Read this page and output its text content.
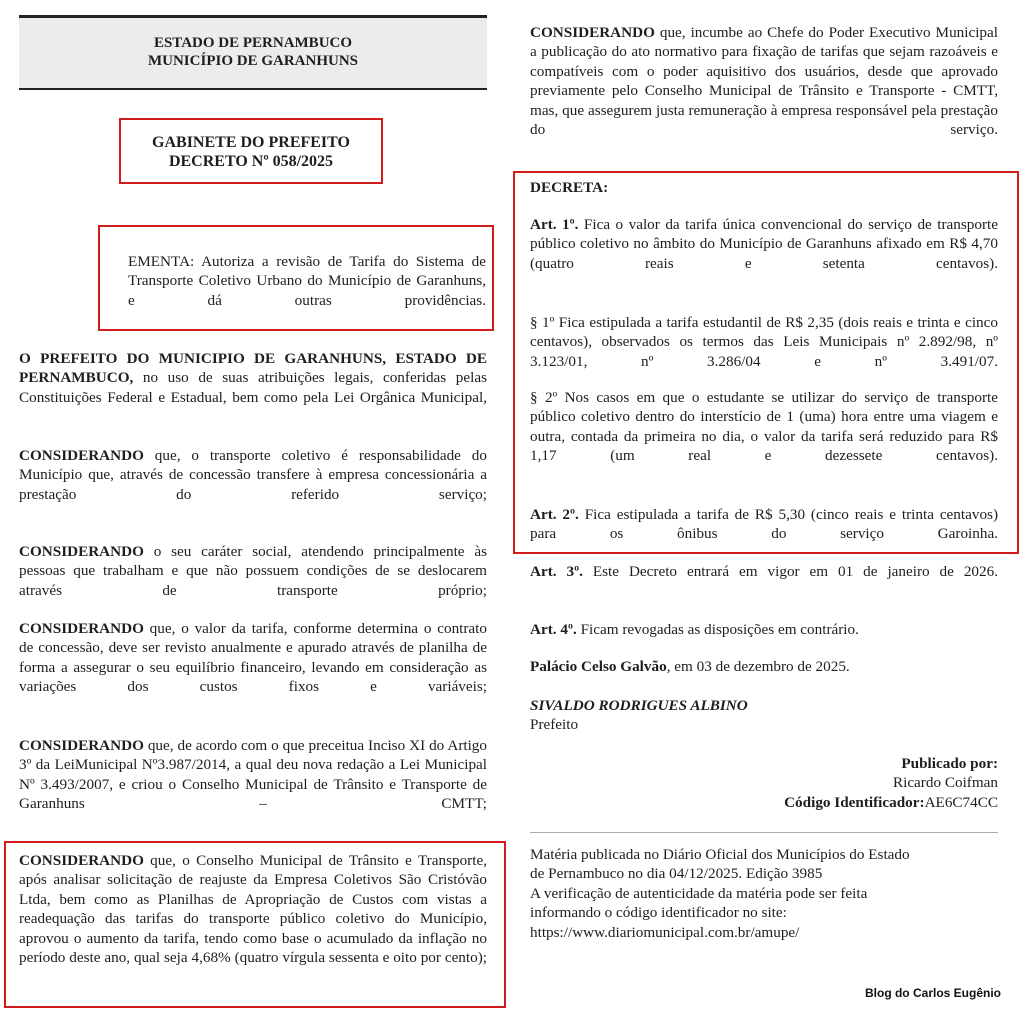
ESTADO DE PERNAMBUCO
MUNICÍPIO DE GARANHUNS
GABINETE DO PREFEITO
DECRETO Nº 058/2025
EMENTA: Autoriza a revisão de Tarifa do Sistema de Transporte Coletivo Urbano do Município de Garanhuns, e dá outras providências.
O PREFEITO DO MUNICIPIO DE GARANHUNS, ESTADO DE PERNAMBUCO, no uso de suas atribuições legais, conferidas pelas Constituições Federal e Estadual, bem como pela Lei Orgânica Municipal,
CONSIDERANDO que, o transporte coletivo é responsabilidade do Município que, através de concessão transfere à empresa concessionária a prestação do referido serviço;
CONSIDERANDO o seu caráter social, atendendo principalmente às pessoas que trabalham e que não possuem condições de se deslocarem através de transporte próprio;
CONSIDERANDO que, o valor da tarifa, conforme determina o contrato de concessão, deve ser revisto anualmente e apurado através de planilha de forma a assegurar o seu equilíbrio financeiro, levando em consideração as variações dos custos fixos e variáveis;
CONSIDERANDO que, de acordo com o que preceitua Inciso XI do Artigo 3º da LeiMunicipal Nº3.987/2014, a qual deu nova redação a Lei Municipal Nº 3.493/2007, e criou o Conselho Municipal de Trânsito e Transporte de Garanhuns – CMTT;
CONSIDERANDO que, o Conselho Municipal de Trânsito e Transporte, após analisar solicitação de reajuste da Empresa Coletivos São Cristóvão Ltda, bem como as Planilhas de Apropriação de Custos com vistas a readequação das tarifas do transporte público coletivo do Município, aprovou o aumento da tarifa, tendo como base o acumulado da inflação no período deste ano, qual seja 4,68% (quatro vírgula sessenta e oito por cento);
CONSIDERANDO que, incumbe ao Chefe do Poder Executivo Municipal a publicação do ato normativo para fixação de tarifas que sejam razoáveis e compatíveis com o poder aquisitivo dos usuários, desde que aprovado previamente pelo Conselho Municipal de Trânsito e Transporte - CMTT, mas, que assegurem justa remuneração à empresa responsável pela prestação do serviço.
DECRETA:
Art. 1º. Fica o valor da tarifa única convencional do serviço de transporte público coletivo no âmbito do Município de Garanhuns afixado em R$ 4,70 (quatro reais e setenta centavos).
§ 1º Fica estipulada a tarifa estudantil de R$ 2,35 (dois reais e trinta e cinco centavos), observados os termos das Leis Municipais nº 2.892/98, nº 3.123/01, nº 3.286/04 e nº 3.491/07.
§ 2º Nos casos em que o estudante se utilizar do serviço de transporte público coletivo dentro do interstício de 1 (uma) hora entre uma viagem e outra, contada da primeira no dia, o valor da tarifa será reduzido para R$ 1,17 (um real e dezessete centavos).
Art. 2º. Fica estipulada a tarifa de R$ 5,30 (cinco reais e trinta centavos) para os ônibus do serviço Garoinha.
Art. 3º. Este Decreto entrará em vigor em 01 de janeiro de 2026.
Art. 4º. Ficam revogadas as disposições em contrário.
Palácio Celso Galvão, em 03 de dezembro de 2025.
SIVALDO RODRIGUES ALBINO
Prefeito
Publicado por:
Ricardo Coifman
Código Identificador:AE6C74CC
Matéria publicada no Diário Oficial dos Municípios do Estado
de Pernambuco no dia 04/12/2025. Edição 3985
A verificação de autenticidade da matéria pode ser feita
informando o código identificador no site:
https://www.diariomunicipal.com.br/amupe/
Blog do Carlos Eugênio
